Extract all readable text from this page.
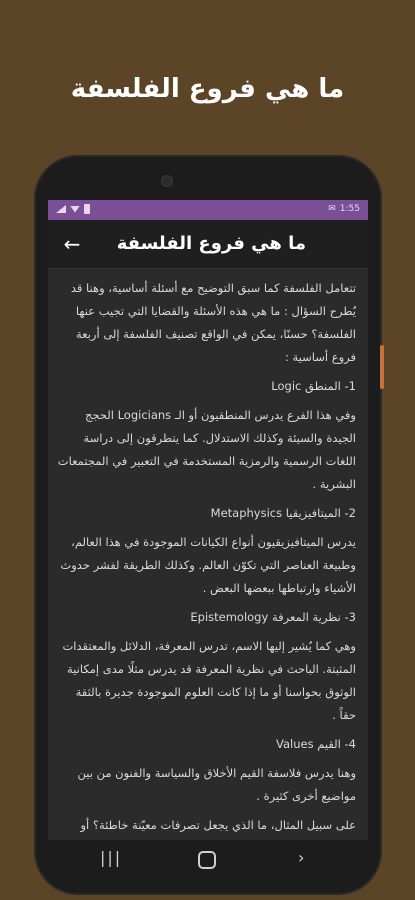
ما هي فروع الفلسفة
✉ 1:55
← ما هي فروع الفلسفة

تتعامل الفلسفة كما سبق التوضيح مع أسئلة أساسية، وهنا قد يُطرح السؤال : ما هي هذه الأسئلة والقضايا التي تجيب عنها الفلسفة؟ حسنًا، يمكن في الواقع تصنيف الفلسفة إلى أربعة فروع أساسية :

1- المنطق Logic

وفي هذا الفرع يدرس المنطقيون أو الـ Logicians الحجج الجيدة والسيئة وكذلك الاستدلال. كما يتطرقون إلى دراسة اللغات الرسمية والرمزية المستخدمة في التعبير في المجتمعات البشرية .

2- الميتافيزيقيا Metaphysics

يدرس الميتافيزيقيون أنواع الكيانات الموجودة في هذا العالم، وطبيعة العناصر التي تكوّن العالم. وكذلك الطريقة لفشر حدوث الأشياء وارتباطها ببعضها البعض .

3- نظرية المعرفة Epistemology

وهي كما يُشير إليها الاسم، تدرس المعرفة، الدلائل والمعتقدات المثبتة. الباحث في نظرية المعرفة قد يدرس مثلًا مدى إمكانية الوثوق بحواسنا أو ما إذا كانت العلوم الموجودة جديرة بالثقة حقاً .

4- القيم Values

وهنا يدرس فلاسفة القيم الأخلاق والسياسة والفنون من بين مواضيع أخرى كثيرة .

على سبيل المثال، ما الذي يجعل تصرفات معيّنة خاطئة؟ أو

|||	›
